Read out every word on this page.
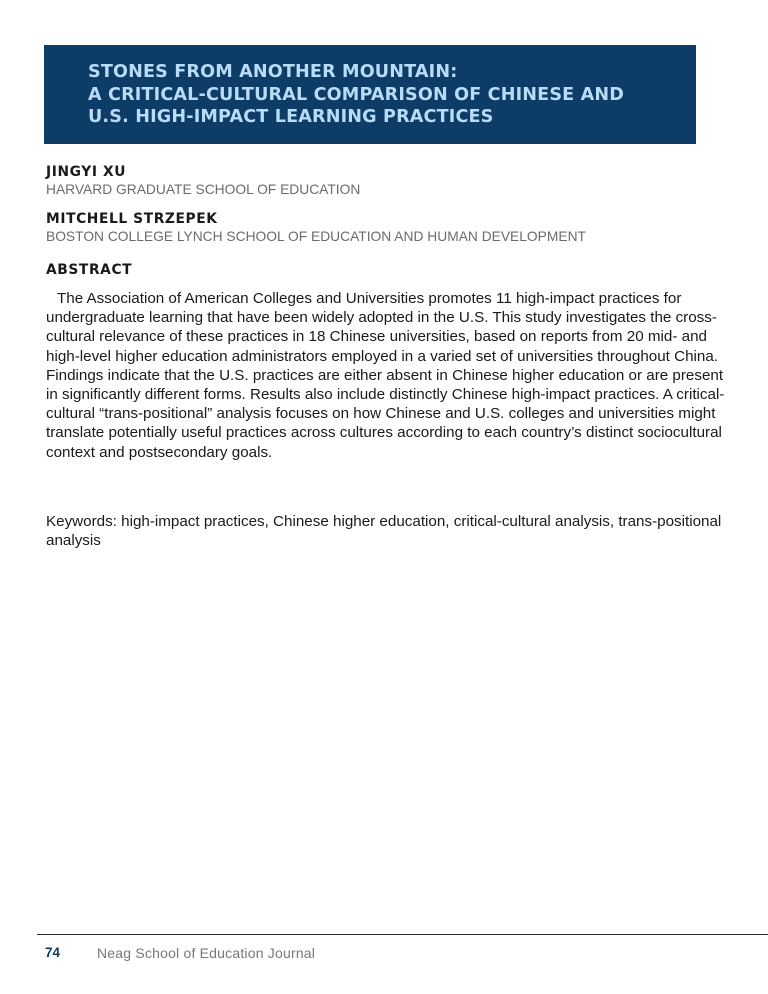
STONES FROM ANOTHER MOUNTAIN:
A CRITICAL-CULTURAL COMPARISON OF CHINESE AND
U.S. HIGH-IMPACT LEARNING PRACTICES
JINGYI XU
HARVARD GRADUATE SCHOOL OF EDUCATION
MITCHELL STRZEPEK
BOSTON COLLEGE LYNCH SCHOOL OF EDUCATION AND HUMAN DEVELOPMENT
ABSTRACT

The Association of American Colleges and Universities promotes 11 high-impact practices for undergraduate learning that have been widely adopted in the U.S. This study investigates the cross-cultural relevance of these practices in 18 Chinese universities, based on reports from 20 mid- and high-level higher education administrators employed in a varied set of universities throughout China. Findings indicate that the U.S. practices are either absent in Chinese higher education or are present in significantly different forms. Results also include distinctly Chinese high-impact practices. A critical-cultural “trans-positional” analysis focuses on how Chinese and U.S. colleges and universities might translate potentially useful practices across cultures according to each country’s distinct sociocultural context and postsecondary goals.

Keywords: high-impact practices, Chinese higher education, critical-cultural analysis, trans-positional analysis

74	Neag School of Education Journal
